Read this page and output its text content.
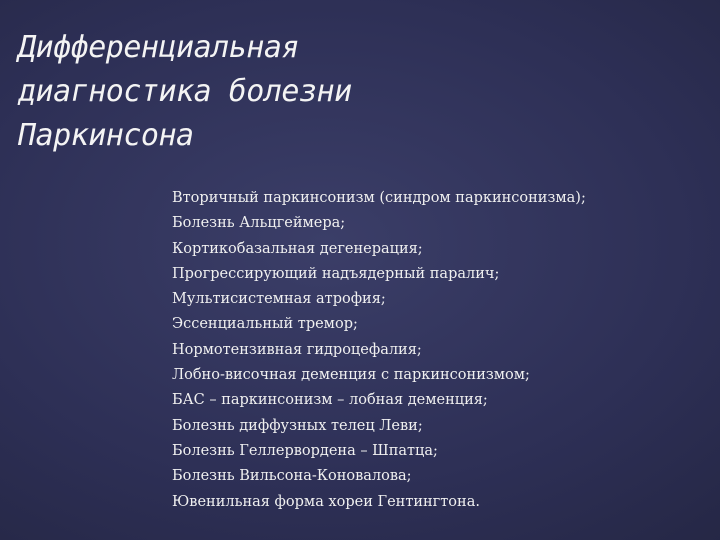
Дифференциальная
диагностика болезни
Паркинсона
Вторичный паркинсонизм (синдром паркинсонизма);
Болезнь Альцгеймера;
Кортикобазальная дегенерация;
Прогрессирующий надъядерный паралич;
Мультисистемная атрофия;
Эссенциальный тремор;
Нормотензивная гидроцефалия;
Лобно-височная деменция с паркинсонизмом;
БАС – паркинсонизм – лобная деменция;
Болезнь диффузных телец Леви;
Болезнь Геллервордена – Шпатца;
Болезнь Вильсона-Коновалова;
Ювенильная форма хореи Гентингтона.
